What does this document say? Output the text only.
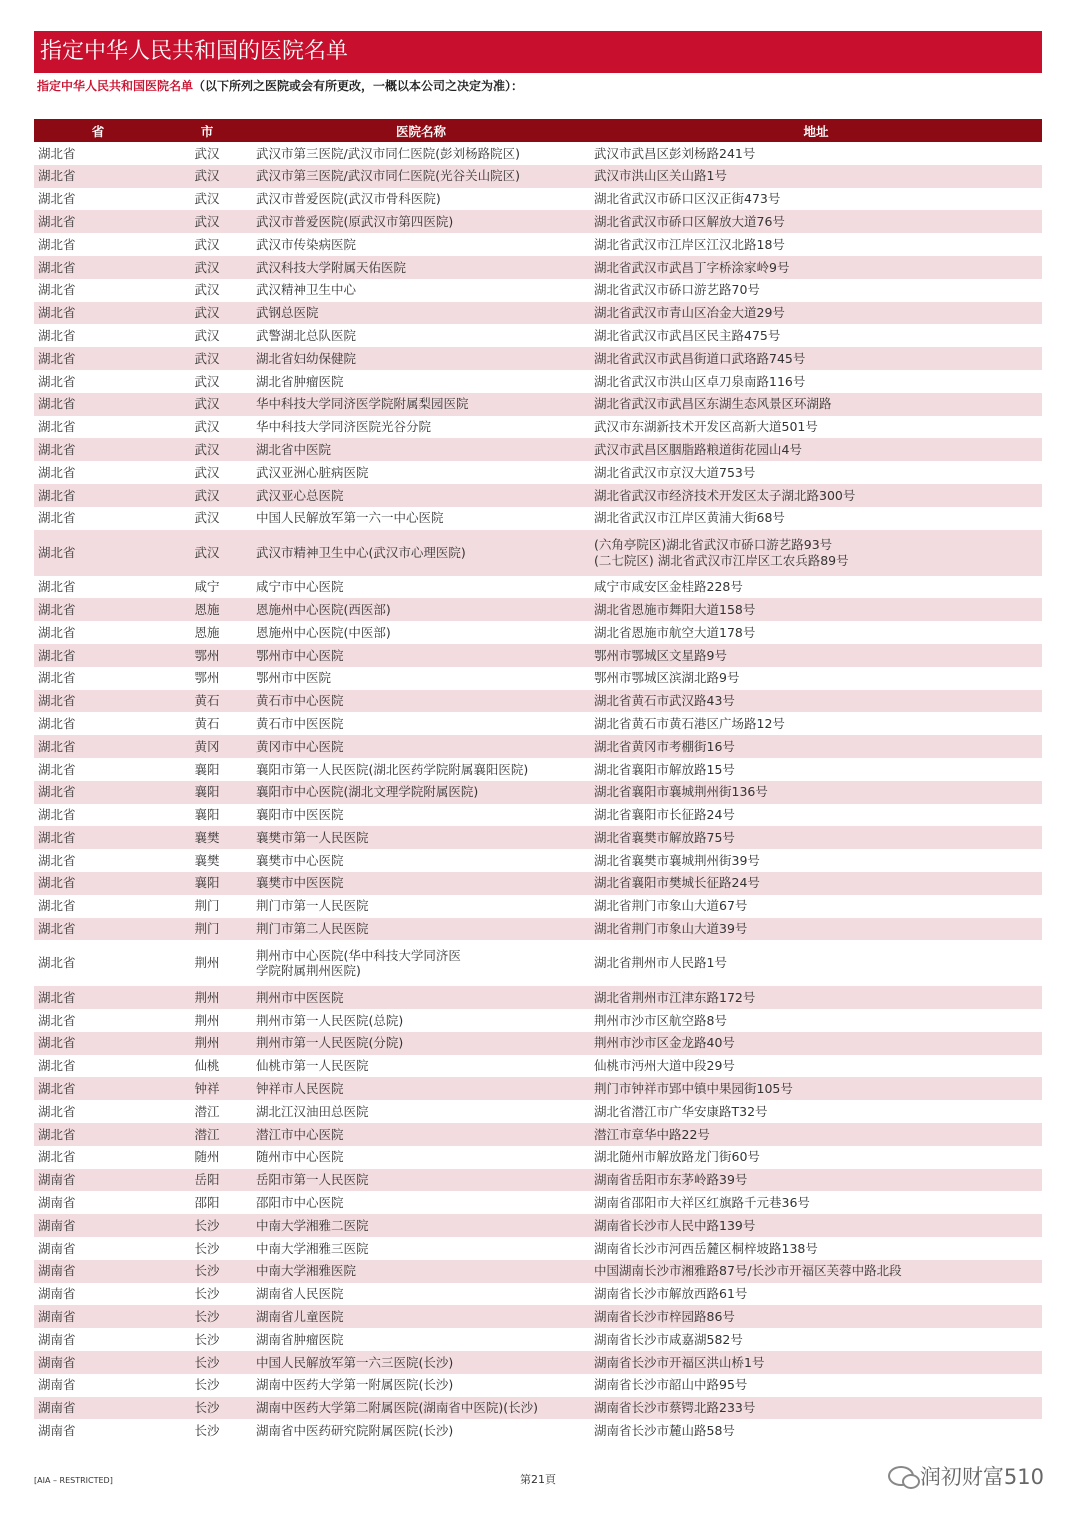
指定中华人民共和国的医院名单
指定中华人民共和国医院名单（以下所列之医院或会有所更改，一概以本公司之决定为准）：
省	市	医院名称	地址
湖北省	武汉	武汉市第三医院/武汉市同仁医院(彭刘杨路院区)	武汉市武昌区彭刘杨路241号
湖北省	武汉	武汉市第三医院/武汉市同仁医院(光谷关山院区)	武汉市洪山区关山路1号
湖北省	武汉	武汉市普爱医院(武汉市骨科医院)	湖北省武汉市硚口区汉正街473号
湖北省	武汉	武汉市普爱医院(原武汉市第四医院)	湖北省武汉市硚口区解放大道76号
湖北省	武汉	武汉市传染病医院	湖北省武汉市江岸区江汉北路18号
湖北省	武汉	武汉科技大学附属天佑医院	湖北省武汉市武昌丁字桥涂家岭9号
湖北省	武汉	武汉精神卫生中心	湖北省武汉市硚口游艺路70号
湖北省	武汉	武钢总医院	湖北省武汉市青山区冶金大道29号
湖北省	武汉	武警湖北总队医院	湖北省武汉市武昌区民主路475号
湖北省	武汉	湖北省妇幼保健院	湖北省武汉市武昌街道口武珞路745号
湖北省	武汉	湖北省肿瘤医院	湖北省武汉市洪山区卓刀泉南路116号
湖北省	武汉	华中科技大学同济医学院附属梨园医院	湖北省武汉市武昌区东湖生态风景区环湖路
湖北省	武汉	华中科技大学同济医院光谷分院	武汉市东湖新技术开发区高新大道501号
湖北省	武汉	湖北省中医院	武汉市武昌区胭脂路粮道街花园山4号
湖北省	武汉	武汉亚洲心脏病医院	湖北省武汉市京汉大道753号
湖北省	武汉	武汉亚心总医院	湖北省武汉市经济技术开发区太子湖北路300号
湖北省	武汉	中国人民解放军第一六一中心医院	湖北省武汉市江岸区黄浦大街68号
湖北省	武汉	武汉市精神卫生中心(武汉市心理医院)	(六角亭院区)湖北省武汉市硚口游艺路93号
(二七院区) 湖北省武汉市江岸区工农兵路89号
湖北省	咸宁	咸宁市中心医院	咸宁市咸安区金桂路228号
湖北省	恩施	恩施州中心医院(西医部)	湖北省恩施市舞阳大道158号
湖北省	恩施	恩施州中心医院(中医部)	湖北省恩施市航空大道178号
湖北省	鄂州	鄂州市中心医院	鄂州市鄂城区文星路9号
湖北省	鄂州	鄂州市中医院	鄂州市鄂城区滨湖北路9号
湖北省	黄石	黄石市中心医院	湖北省黄石市武汉路43号
湖北省	黄石	黄石市中医医院	湖北省黄石市黄石港区广场路12号
湖北省	黄冈	黄冈市中心医院	湖北省黄冈市考棚街16号
湖北省	襄阳	襄阳市第一人民医院(湖北医药学院附属襄阳医院)	湖北省襄阳市解放路15号
湖北省	襄阳	襄阳市中心医院(湖北文理学院附属医院)	湖北省襄阳市襄城荆州街136号
湖北省	襄阳	襄阳市中医医院	湖北省襄阳市长征路24号
湖北省	襄樊	襄樊市第一人民医院	湖北省襄樊市解放路75号
湖北省	襄樊	襄樊市中心医院	湖北省襄樊市襄城荆州街39号
湖北省	襄阳	襄樊市中医医院	湖北省襄阳市樊城长征路24号
湖北省	荆门	荆门市第一人民医院	湖北省荆门市象山大道67号
湖北省	荆门	荆门市第二人民医院	湖北省荆门市象山大道39号
湖北省	荆州	荆州市中心医院(华中科技大学同济医
学院附属荆州医院)	湖北省荆州市人民路1号
湖北省	荆州	荆州市中医医院	湖北省荆州市江津东路172号
湖北省	荆州	荆州市第一人民医院(总院)	荆州市沙市区航空路8号
湖北省	荆州	荆州市第一人民医院(分院)	荆州市沙市区金龙路40号
湖北省	仙桃	仙桃市第一人民医院	仙桃市沔州大道中段29号
湖北省	钟祥	钟祥市人民医院	荆门市钟祥市郢中镇中果园街105号
湖北省	潜江	湖北江汉油田总医院	湖北省潜江市广华安康路T32号
湖北省	潜江	潜江市中心医院	潜江市章华中路22号
湖北省	随州	随州市中心医院	湖北随州市解放路龙门街60号
湖南省	岳阳	岳阳市第一人民医院	湖南省岳阳市东茅岭路39号
湖南省	邵阳	邵阳市中心医院	湖南省邵阳市大祥区红旗路千元巷36号
湖南省	长沙	中南大学湘雅二医院	湖南省长沙市人民中路139号
湖南省	长沙	中南大学湘雅三医院	湖南省长沙市河西岳麓区桐梓坡路138号
湖南省	长沙	中南大学湘雅医院	中国湖南长沙市湘雅路87号/长沙市开福区芙蓉中路北段
湖南省	长沙	湖南省人民医院	湖南省长沙市解放西路61号
湖南省	长沙	湖南省儿童医院	湖南省长沙市梓园路86号
湖南省	长沙	湖南省肿瘤医院	湖南省长沙市咸嘉湖582号
湖南省	长沙	中国人民解放军第一六三医院(长沙)	湖南省长沙市开福区洪山桥1号
湖南省	长沙	湖南中医药大学第一附属医院(长沙)	湖南省长沙市韶山中路95号
湖南省	长沙	湖南中医药大学第二附属医院(湖南省中医院)(长沙)	湖南省长沙市蔡锷北路233号
湖南省	长沙	湖南省中医药研究院附属医院(长沙)	湖南省长沙市麓山路58号
[AIA – RESTRICTED]	第21頁	润初财富510
